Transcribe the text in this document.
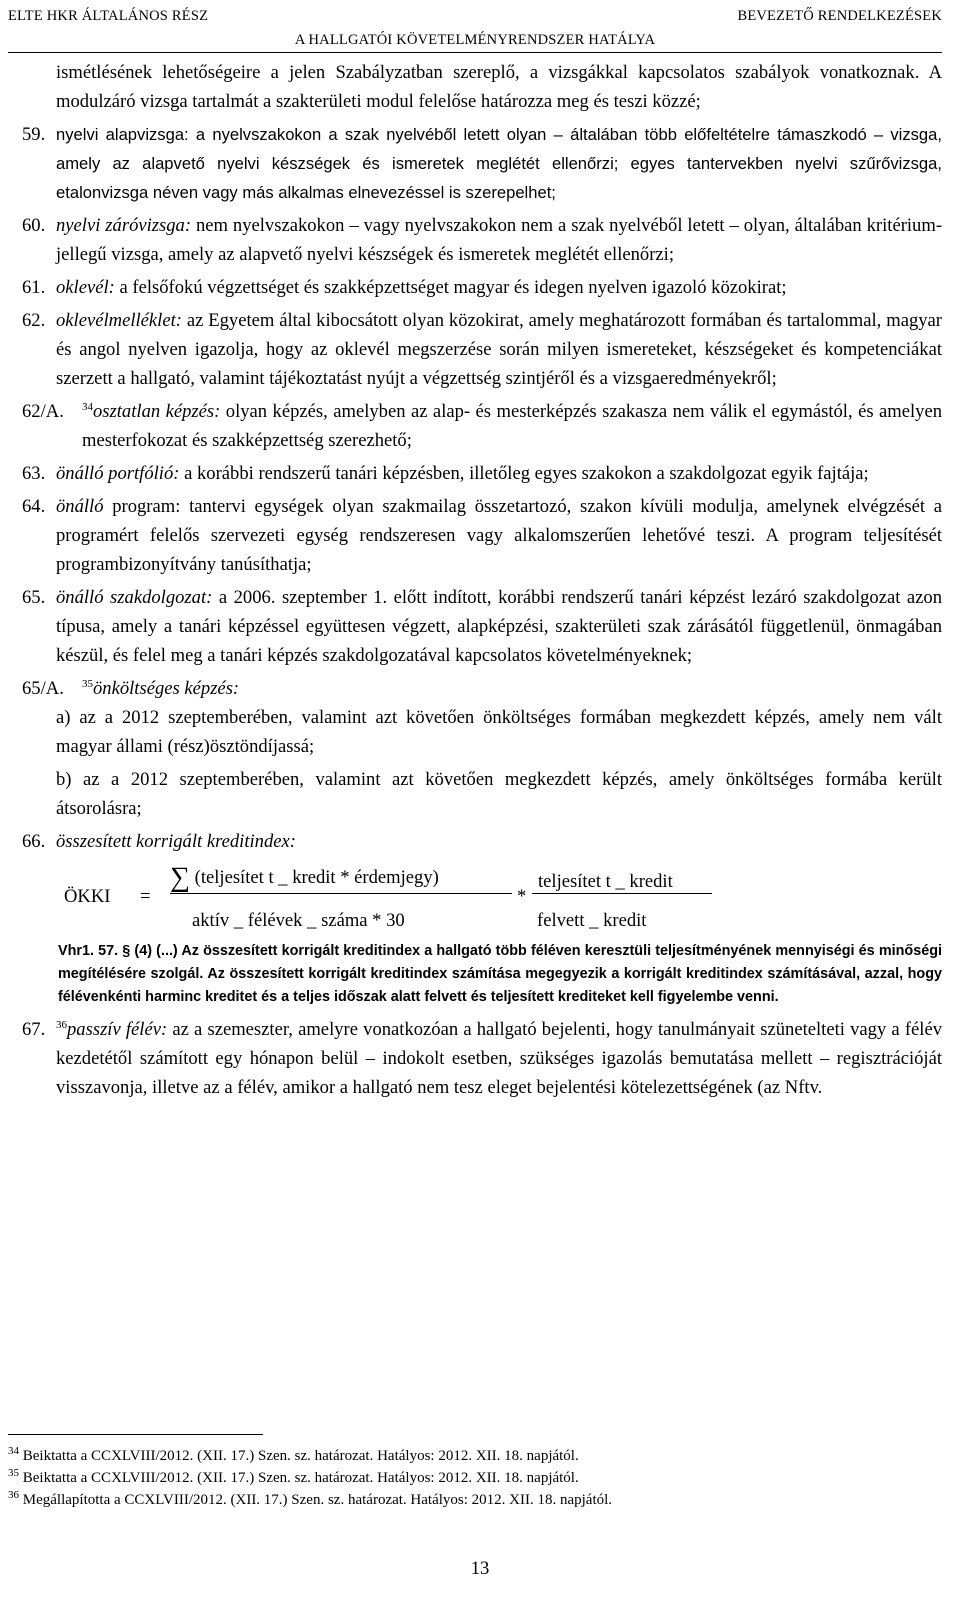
ELTE HKR ÁLTALÁNOS RÉSZ	BEVEZETŐ RENDELKEZÉSEK
A HALLGATÓI KÖVETELMÉNYRENDSZER HATÁLYA
ismétlésének lehetőségeire a jelen Szabályzatban szereplő, a vizsgákkal kapcsolatos szabályok vonatkoznak. A modulzáró vizsga tartalmát a szakterületi modul felelőse határozza meg és teszi közzé;
59. nyelvi alapvizsga: a nyelvszakokon a szak nyelvéből letett olyan – általában több előfeltételre támaszkodó – vizsga, amely az alapvető nyelvi készségek és ismeretek meglétét ellenőrzi; egyes tantervekben nyelvi szűrővizsga, etalonvizsga néven vagy más alkalmas elnevezéssel is szerepelhet;
60. nyelvi záróvizsga: nem nyelvszakokon – vagy nyelvszakokon nem a szak nyelvéből letett – olyan, általában kritérium-jellegű vizsga, amely az alapvető nyelvi készségek és ismeretek meglétét ellenőrzi;
61. oklevél: a felsőfokú végzettséget és szakképzettséget magyar és idegen nyelven igazoló közokirat;
62. oklevélmelléklet: az Egyetem által kibocsátott olyan közokirat, amely meghatározott formában és tartalommal, magyar és angol nyelven igazolja, hogy az oklevél megszerzése során milyen ismereteket, készségeket és kompetenciákat szerzett a hallgató, valamint tájékoztatást nyújt a végzettség szintjéről és a vizsgaeredményekről;
62/A. $^{34}$osztatlan képzés: olyan képzés, amelyben az alap- és mesterképzés szakasza nem válik el egymástól, és amelyen mesterfokozat és szakképzettség szerezhető;
63. önálló portfólió: a korábbi rendszerű tanári képzésben, illetőleg egyes szakokon a szakdolgozat egyik fajtája;
64. önálló program: tantervi egységek olyan szakmailag összetartozó, szakon kívüli modulja, amelynek elvégzését a programért felelős szervezeti egység rendszeresen vagy alkalomszerűen lehetővé teszi. A program teljesítését programbizonyítvány tanúsíthatja;
65. önálló szakdolgozat: a 2006. szeptember 1. előtt indított, korábbi rendszerű tanári képzést lezáró szakdolgozat azon típusa, amely a tanári képzéssel együttesen végzett, alapképzési, szakterületi szak zárásától függetlenül, önmagában készül, és felel meg a tanári képzés szakdolgozatával kapcsolatos követelményeknek;
65/A. $^{35}$önköltséges képzés:
a) az a 2012 szeptemberében, valamint azt követően önköltséges formában megkezdett képzés, amely nem vált magyar állami (rész)ösztöndíjassá;
b) az a 2012 szeptemberében, valamint azt követően megkezdett képzés, amely önköltséges formába került átsorolásra;
66. összesített korrigált kreditindex:
ÖKKI =
∑ (teljesítet t _ kredit * érdemjegy)
aktív _ félévek _ száma * 30
*
teljesítet t _ kredit
felvett _ kredit
Vhr1. 57. § (4) (...) Az összesített korrigált kreditindex a hallgató több féléven keresztüli teljesítményének mennyiségi és minőségi megítélésére szolgál. Az összesített korrigált kreditindex számítása megegyezik a korrigált kreditindex számításával, azzal, hogy félévenkénti harminc kreditet és a teljes időszak alatt felvett és teljesített krediteket kell figyelembe venni.
67. $^{36}$passzív félév: az a szemeszter, amelyre vonatkozóan a hallgató bejelenti, hogy tanulmányait szünetelteti vagy a félév kezdetétől számított egy hónapon belül – indokolt esetben, szükséges igazolás bemutatása mellett – regisztrációját visszavonja, illetve az a félév, amikor a hallgató nem tesz eleget bejelentési kötelezettségének (az Nftv.
$^{34}$ Beiktatta a CCXLVIII/2012. (XII. 17.) Szen. sz. határozat. Hatályos: 2012. XII. 18. napjától.
$^{35}$ Beiktatta a CCXLVIII/2012. (XII. 17.) Szen. sz. határozat. Hatályos: 2012. XII. 18. napjától.
$^{36}$ Megállapította a CCXLVIII/2012. (XII. 17.) Szen. sz. határozat. Hatályos: 2012. XII. 18. napjától.
13
